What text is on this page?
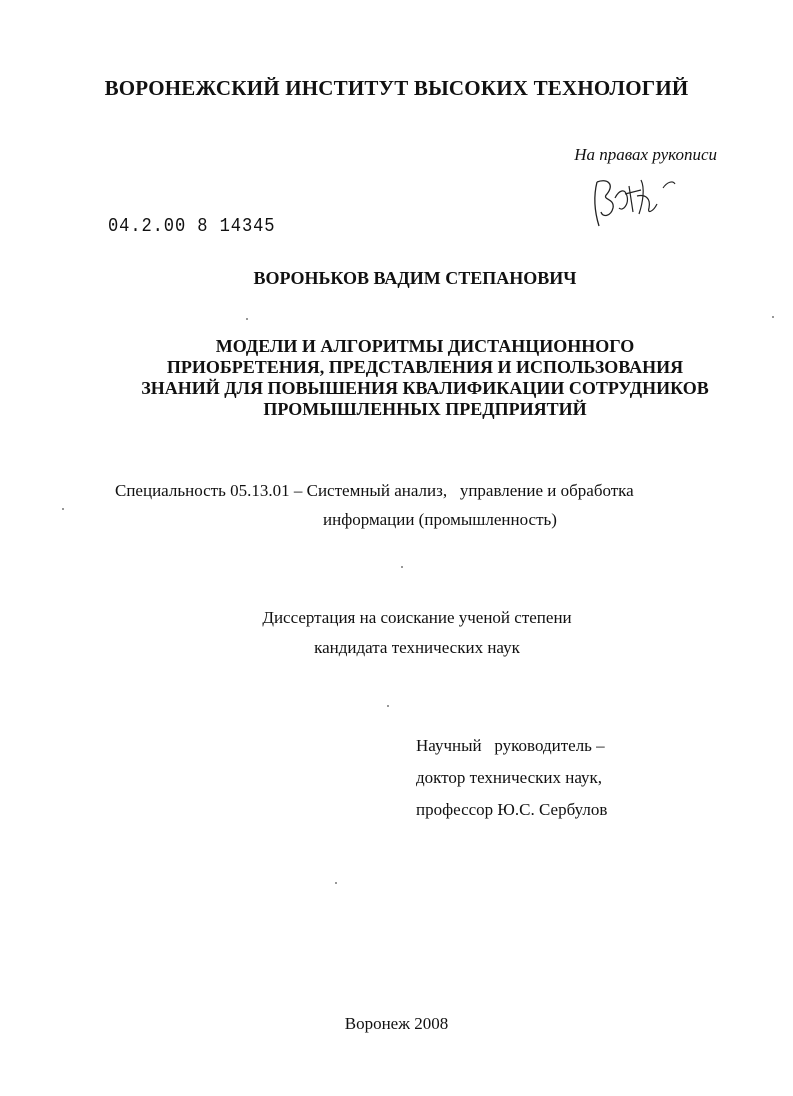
ВОРОНЕЖСКИЙ ИНСТИТУТ ВЫСОКИХ ТЕХНОЛОГИЙ
На правах рукописи
04.2.00 8 14345
ВОРОНЬКОВ ВАДИМ СТЕПАНОВИЧ
МОДЕЛИ И АЛГОРИТМЫ ДИСТАНЦИОННОГО
ПРИОБРЕТЕНИЯ, ПРЕДСТАВЛЕНИЯ И ИСПОЛЬЗОВАНИЯ
ЗНАНИЙ ДЛЯ ПОВЫШЕНИЯ КВАЛИФИКАЦИИ СОТРУДНИКОВ
ПРОМЫШЛЕННЫХ ПРЕДПРИЯТИЙ
Специальность 05.13.01 – Системный анализ,   управление и обработка
информации (промышленность)
Диссертация на соискание ученой степени
кандидата технических наук
Научный   руководитель –
доктор технических наук,
профессор Ю.С. Сербулов
Воронеж 2008
